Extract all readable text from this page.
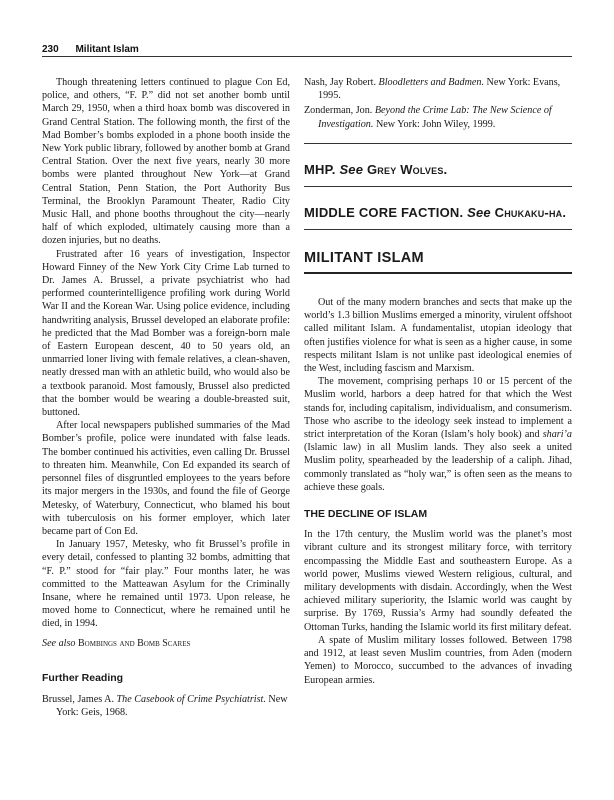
230 Militant Islam

Though threatening letters continued to plague Con Ed, police, and others, “F. P.” did not set another bomb until March 29, 1950, when a third hoax bomb was discovered in Grand Central Station. The following month, the first of the Mad Bomber’s bombs exploded in a phone booth inside the New York public library, followed by another bomb at Grand Central Station. Over the next five years, nearly 30 more bombs were planted throughout New York—at Grand Central Station, Penn Station, the Port Authority Bus Terminal, the Brooklyn Paramount Theater, Radio City Music Hall, and phone booths throughout the city—nearly half of which exploded, ultimately causing more than a dozen injuries, but no deaths.

Frustrated after 16 years of investigation, Inspector Howard Finney of the New York City Crime Lab turned to Dr. James A. Brussel, a private psychiatrist who had performed counterintelligence profiling work during World War II and the Korean War. Using police evidence, including handwriting analysis, Brussel developed an elaborate profile: he predicted that the Mad Bomber was a foreign-born male of Eastern European descent, 40 to 50 years old, an unmarried loner living with female relatives, a clean-shaven, neatly dressed man with an athletic build, who would also be a textbook paranoid. Most famously, Brussel also predicted that the bomber would be wearing a double-breasted suit, buttoned.

After local newspapers published summaries of the Mad Bomber’s profile, police were inundated with false leads. The bomber continued his activities, even calling Dr. Brussel to threaten him. Meanwhile, Con Ed expanded its search of personnel files of disgruntled employees to the years before its major mergers in the 1930s, and found the file of George Metesky, of Waterbury, Connecticut, who blamed his bout with tuberculosis on his former employer, which later became part of Con Ed.

In January 1957, Metesky, who fit Brussel’s profile in every detail, confessed to planting 32 bombs, admitting that “F. P.” stood for “fair play.” Four months later, he was committed to the Matteawan Asylum for the Criminally Insane, where he remained until 1973. Upon release, he moved home to Connecticut, where he remained until he died, in 1994.

See also Bombings and Bomb Scares

Further Reading

Brussel, James A. The Casebook of Crime Psychiatrist. New York: Geis, 1968.

Nash, Jay Robert. Bloodletters and Badmen. New York: Evans, 1995.

Zonderman, Jon. Beyond the Crime Lab: The New Science of Investigation. New York: John Wiley, 1999.

MHP. See Grey Wolves.
MIDDLE CORE FACTION. See Chukaku-ha.
MILITANT ISLAM

Out of the many modern branches and sects that make up the world’s 1.3 billion Muslims emerged a minority, virulent offshoot called militant Islam. A fundamentalist, utopian ideology that often justifies violence for what is seen as a higher cause, in some respects militant Islam is not unlike past ideological enemies of the West, including fascism and Marxism.

The movement, comprising perhaps 10 or 15 percent of the Muslim world, harbors a deep hatred for that which the West stands for, including capitalism, individualism, and consumerism. Those who ascribe to the ideology seek instead to implement a strict interpretation of the Koran (Islam’s holy book) and shari’a (Islamic law) in all Muslim lands. They also seek a united Muslim polity, spearheaded by the leadership of a caliph. Jihad, commonly translated as “holy war,” is often seen as the means to achieve these goals.

THE DECLINE OF ISLAM

In the 17th century, the Muslim world was the planet’s most vibrant culture and its strongest military force, with territory encompassing the Middle East and southeastern Europe. As a world power, Muslims viewed Western religious, cultural, and military developments with disdain. Accordingly, when the West achieved military superiority, the Islamic world was caught by surprise. By 1769, Russia’s Army had soundly defeated the Ottoman Turks, handing the Islamic world its first military defeat.

A spate of Muslim military losses followed. Between 1798 and 1912, at least seven Muslim countries, from Aden (modern Yemen) to Morocco, succumbed to the advances of invading European armies.
